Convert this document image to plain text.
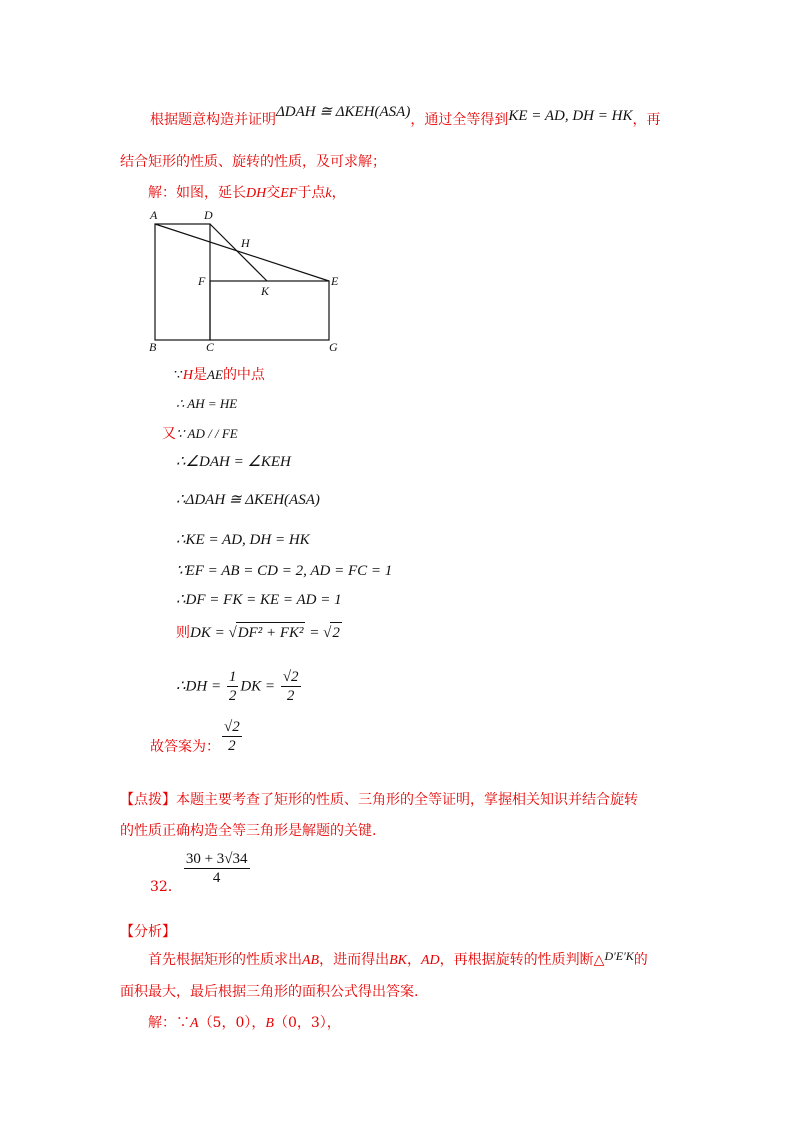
根据题意构造并证明ΔDAH ≅ ΔKEH(ASA)，通过全等得到KE = AD, DH = HK，再
结合矩形的性质、旋转的性质，及可求解；
解：如图，延长DH交EF于点k，
A	D
H
F
K
E
B	C	G
∵H是AE的中点
∴ AH = HE
又∵ AD / / FE
∴∠DAH = ∠KEH
∴ΔDAH ≅ ΔKEH(ASA)
∴KE = AD, DH = HK
∵EF = AB = CD = 2, AD = FC = 1
∴DF = FK = KE = AD = 1
则DK = √DF² + FK² = √2
∴DH = $\frac{1}{2}$ DK = $\frac{√2}{2}$
故答案为： $\frac{√2}{2}$
【点拨】本题主要考查了矩形的性质、三角形的全等证明，掌握相关知识并结合旋转
的性质正确构造全等三角形是解题的关键.
32． $\frac{30 + 3√34}{4}$
【分析】
首先根据矩形的性质求出AB，进而得出BK，AD，再根据旋转的性质判断△D′E′K的
面积最大，最后根据三角形的面积公式得出答案.
解：∵A（5，0），B（0，3），
